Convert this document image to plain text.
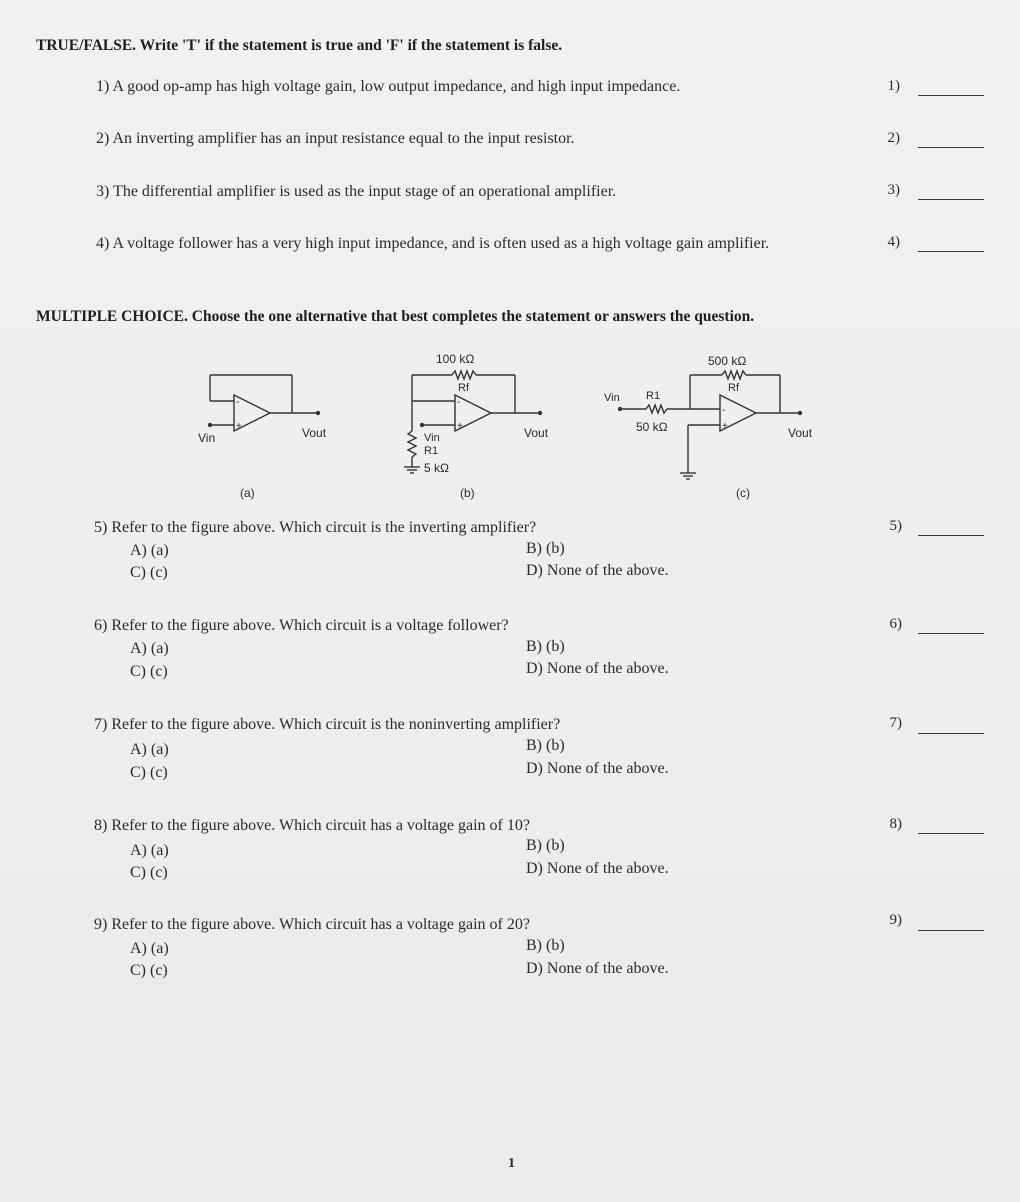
TRUE/FALSE. Write 'T' if the statement is true and 'F' if the statement is false.
1) A good op-amp has high voltage gain, low output impedance, and high input impedance.	1)
2) An inverting amplifier has an input resistance equal to the input resistor.	2)
3) The differential amplifier is used as the input stage of an operational amplifier.	3)
4) A voltage follower has a very high input impedance, and is often used as a high voltage gain amplifier.	4)
MULTIPLE CHOICE. Choose the one alternative that best completes the statement or answers the question.
-
+
-
+
-
+
Vin	Vout
(a)
100 kΩ
Rf
Vin
R1
5 kΩ
Vout
(b)
500 kΩ
Rf
Vin R1
50 kΩ	Vout
(c)
5) Refer to the figure above. Which circuit is the inverting amplifier?
A) (a)	B) (b)
C) (c)	D) None of the above.
5)
6) Refer to the figure above. Which circuit is a voltage follower?
A) (a)	B) (b)
C) (c)	D) None of the above.
6)
7) Refer to the figure above. Which circuit is the noninverting amplifier?
A) (a)	B) (b)
C) (c)	D) None of the above.
7)
8) Refer to the figure above. Which circuit has a voltage gain of 10?
A) (a)	B) (b)
C) (c)	D) None of the above.
8)
9) Refer to the figure above. Which circuit has a voltage gain of 20?
A) (a)	B) (b)
C) (c)	D) None of the above.
9)
1
